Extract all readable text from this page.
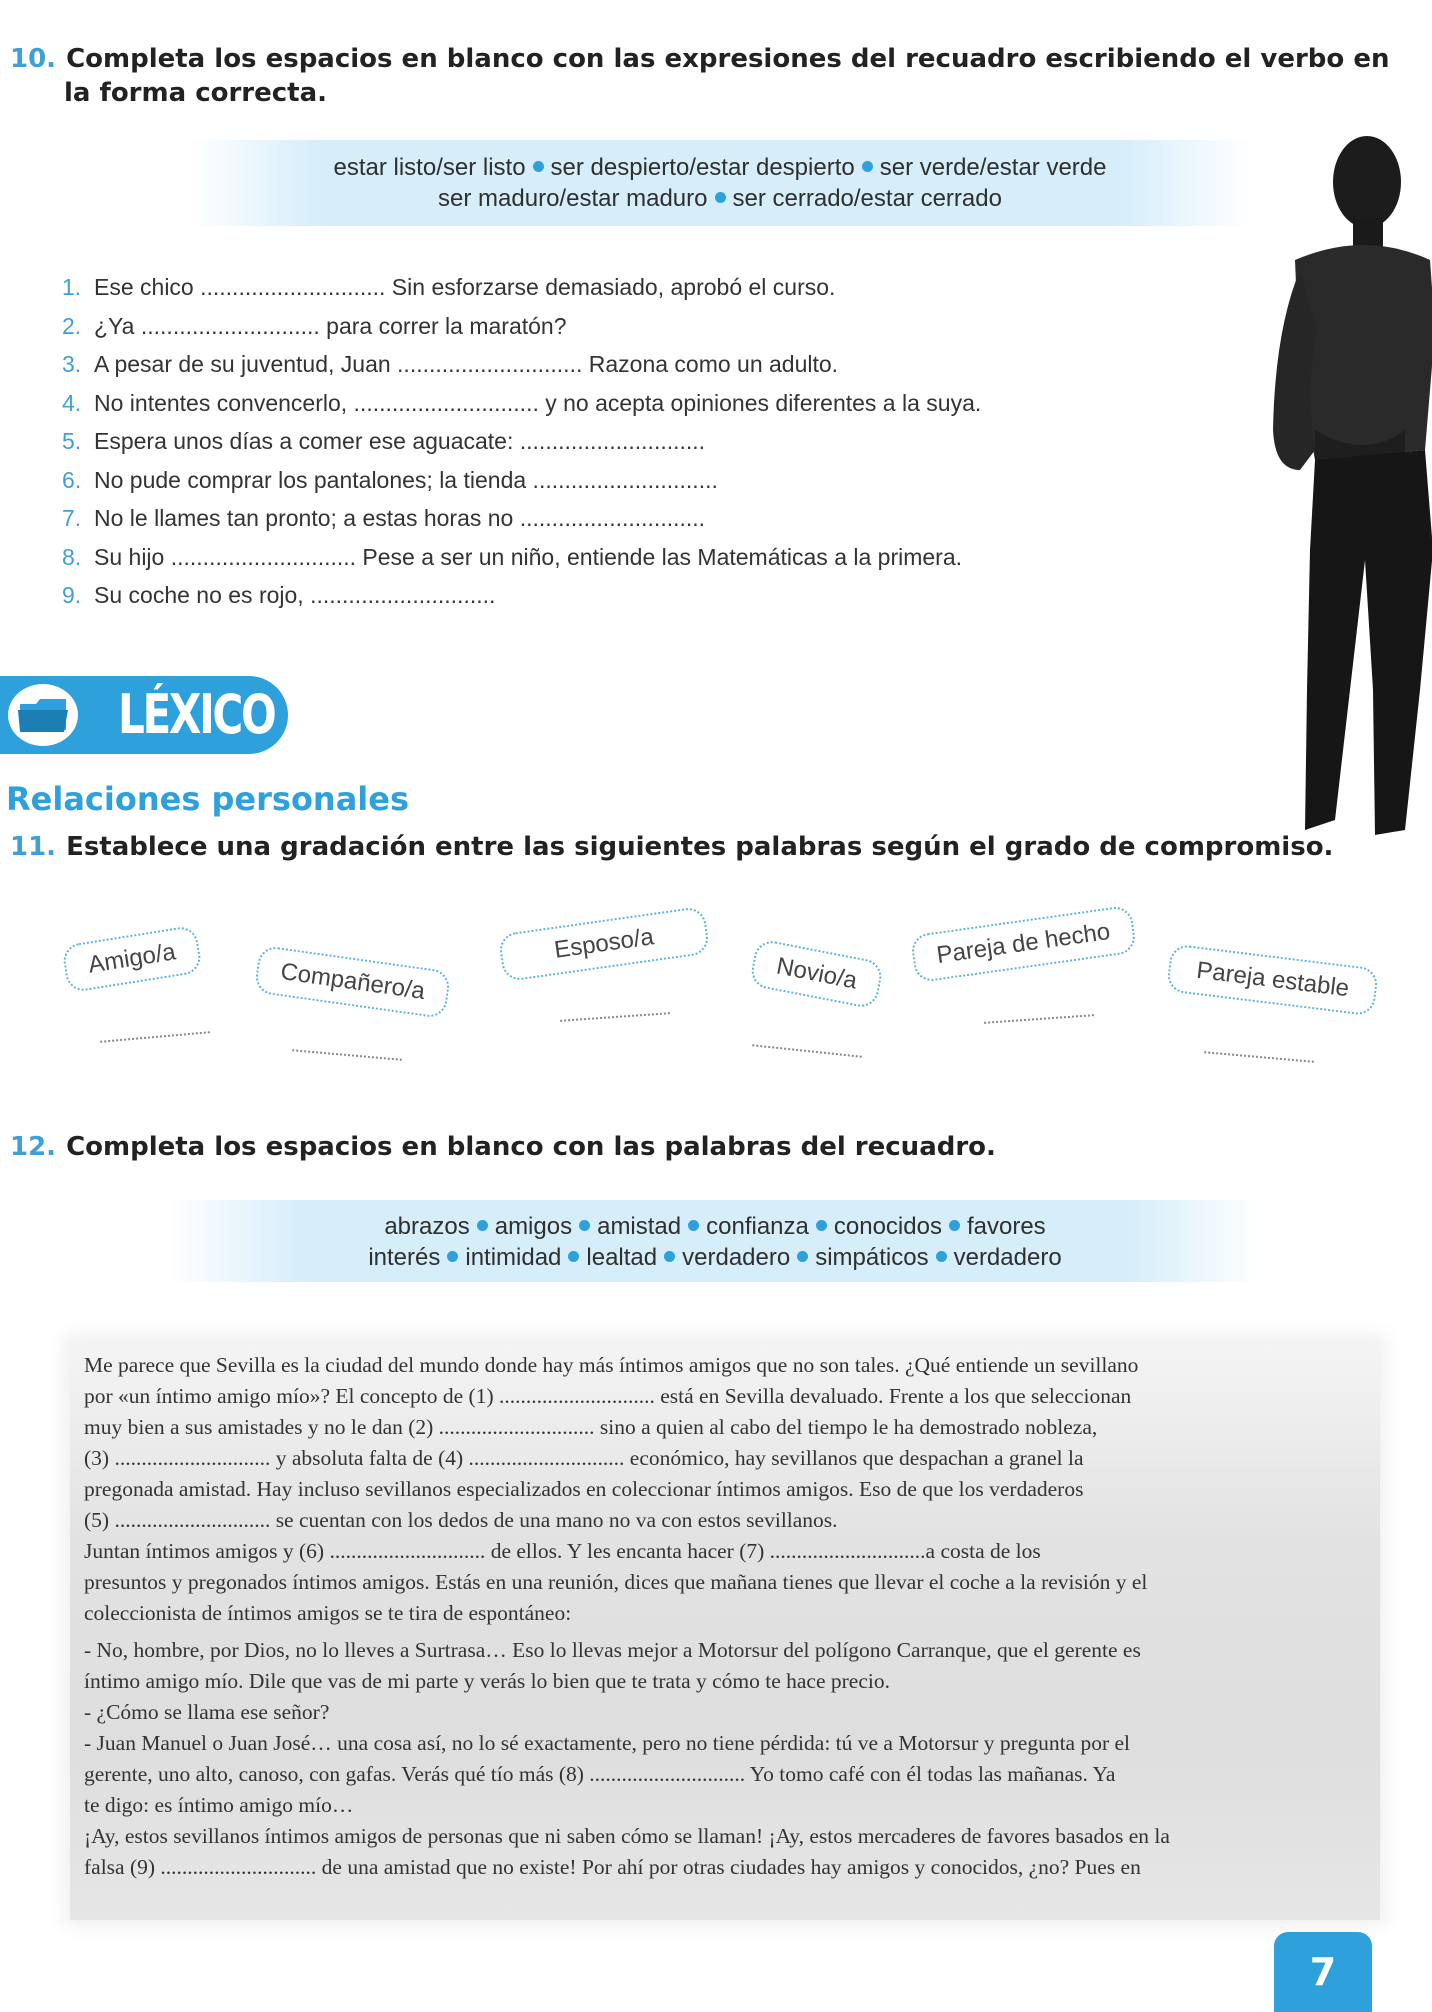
10. Completa los espacios en blanco con las expresiones del recuadro escribiendo el verbo en
la forma correcta.
estar listo/ser listo ser despierto/estar despierto ser verde/estar verde
ser maduro/estar maduro ser cerrado/estar cerrado
1. Ese chico ............................. Sin esforzarse demasiado, aprobó el curso.
2. ¿Ya ............................ para correr la maratón?
3. A pesar de su juventud, Juan ............................. Razona como un adulto.
4. No intentes convencerlo, ............................. y no acepta opiniones diferentes a la suya.
5. Espera unos días a comer ese aguacate: .............................
6. No pude comprar los pantalones; la tienda .............................
7. No le llames tan pronto; a estas horas no .............................
8. Su hijo ............................. Pese a ser un niño, entiende las Matemáticas a la primera.
9. Su coche no es rojo, .............................
LÉXICO
Relaciones personales
11. Establece una gradación entre las siguientes palabras según el grado de compromiso.
Amigo/a	Compañero/a
Esposo/a
Novio/a
Pareja de hecho
Pareja estable
12. Completa los espacios en blanco con las palabras del recuadro.
abrazos amigos amistad confianza conocidos favores
interés intimidad lealtad verdadero simpáticos verdadero

Me parece que Sevilla es la ciudad del mundo donde hay más íntimos amigos que no son tales. ¿Qué entiende un sevillano

por «un íntimo amigo mío»? El concepto de (1) ............................. está en Sevilla devaluado. Frente a los que seleccionan

muy bien a sus amistades y no le dan (2) ............................. sino a quien al cabo del tiempo le ha demostrado nobleza,

(3) ............................. y absoluta falta de (4) ............................. económico, hay sevillanos que despachan a granel la

pregonada amistad. Hay incluso sevillanos especializados en coleccionar íntimos amigos. Eso de que los verdaderos

(5) ............................. se cuentan con los dedos de una mano no va con estos sevillanos.

Juntan íntimos amigos y (6) ............................. de ellos. Y les encanta hacer (7) .............................a costa de los

presuntos y pregonados íntimos amigos. Estás en una reunión, dices que mañana tienes que llevar el coche a la revisión y el

coleccionista de íntimos amigos se te tira de espontáneo:

- No, hombre, por Dios, no lo lleves a Surtrasa… Eso lo llevas mejor a Motorsur del polígono Carranque, que el gerente es

íntimo amigo mío. Dile que vas de mi parte y verás lo bien que te trata y cómo te hace precio.

- ¿Cómo se llama ese señor?

- Juan Manuel o Juan José… una cosa así, no lo sé exactamente, pero no tiene pérdida: tú ve a Motorsur y pregunta por el

gerente, uno alto, canoso, con gafas. Verás qué tío más (8) ............................. Yo tomo café con él todas las mañanas. Ya

te digo: es íntimo amigo mío…

¡Ay, estos sevillanos íntimos amigos de personas que ni saben cómo se llaman! ¡Ay, estos mercaderes de favores basados en la

falsa (9) ............................. de una amistad que no existe! Por ahí por otras ciudades hay amigos y conocidos, ¿no? Pues en

7
